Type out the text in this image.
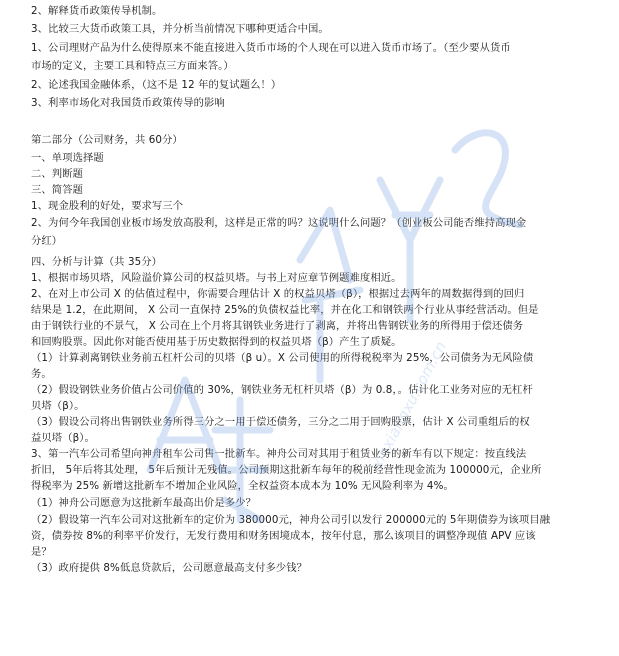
2、解释货币政策传导机制。
3、比较三大货币政策工具，并分析当前情况下哪种更适合中国。
1、公司理财产品为什么使得原来不能直接进入货币市场的个人现在可以进入货币市场了。（至少要从货币
市场的定义，主要工具和特点三方面来答。）
2、论述我国金融体系，（这不是 12 年的复试题么！）
3、利率市场化对我国货币政策传导的影响
第二部分（公司财务，共 60分）
一、单项选择题
二、判断题
三、简答题
1、现金股利的好处，要求写三个
2、为何今年我国创业板市场发放高股利，这样是正常的吗？这说明什么问题？（创业板公司能否维持高现金
分红）
四、分析与计算（共 35分）
1、根据市场贝塔，风险溢价算公司的权益贝塔。与书上对应章节例题难度相近。
2、在对上市公司 X 的估值过程中，你需要合理估计 X 的权益贝塔（β），根据过去两年的周数据得到的回归
结果是 1.2，在此期间， X 公司一直保持 25%的负债权益比率，并在化工和钢铁两个行业从事经营活动。但是
由于钢铁行业的不景气， X 公司在上个月将其钢铁业务进行了剥离，并将出售钢铁业务的所得用于偿还债务
和回购股票。因此你对能否使用基于历史数据得到的权益贝塔（β）产生了质疑。
（1）计算剥离钢铁业务前五杠杆公司的贝塔（β u）。X 公司使用的所得税税率为 25%，公司债务为无风险债
务。
（2）假设钢铁业务价值占公司价值的 30%，钢铁业务无杠杆贝塔（β）为 0.8，。估计化工业务对应的无杠杆
贝塔（β）。
（3）假设公司将出售钢铁业务所得三分之一用于偿还债务，三分之二用于回购股票，估计 X 公司重组后的权
益贝塔（β）。
3、第一汽车公司希望向神舟租车公司售一批新车。神舟公司对其用于租赁业务的新车有以下规定：按直线法
折旧， 5年后将其处理， 5年后预计无残值。公司预期这批新车每年的税前经营性现金流为 100000元，企业所
得税率为 25% 新增这批新车不增加企业风险，全权益资本成本为 10% 无风险利率为 4%。
（1）神舟公司愿意为这批新车最高出价是多少？
（2）假设第一汽车公司对这批新车的定价为 380000元，神舟公司引以发行 200000元的 5年期债券为该项目融
资，债券按 8%的利率平价发行，无发行费用和财务困境成本，按年付息，那么该项目的调整净现值 APV 应该
是？
（3）政府提供 8%低息贷款后，公司愿意最高支付多少钱？
xinxiangxu.com.cn
